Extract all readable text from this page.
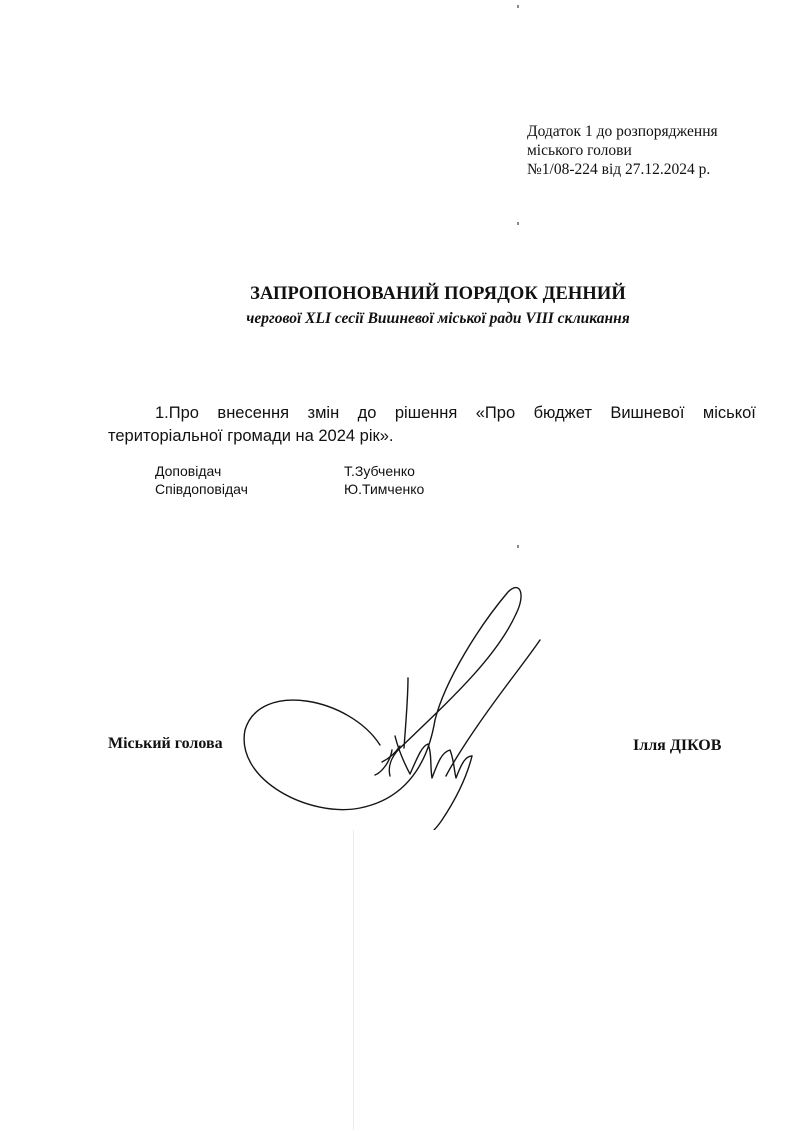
Додаток 1 до розпорядження
міського голови
№1/08-224 від 27.12.2024 р.
ЗАПРОПОНОВАНИЙ ПОРЯДОК ДЕННИЙ
чергової XLI сесії Вишневої міської ради VIII скликання
1.Про внесення змін до рішення «Про бюджет Вишневої міської
територіальної громади на 2024 рік».
Доповідач	Т.Зубченко
Співдоповідач	Ю.Тимченко
Міський голова	Ілля ДІКОВ
